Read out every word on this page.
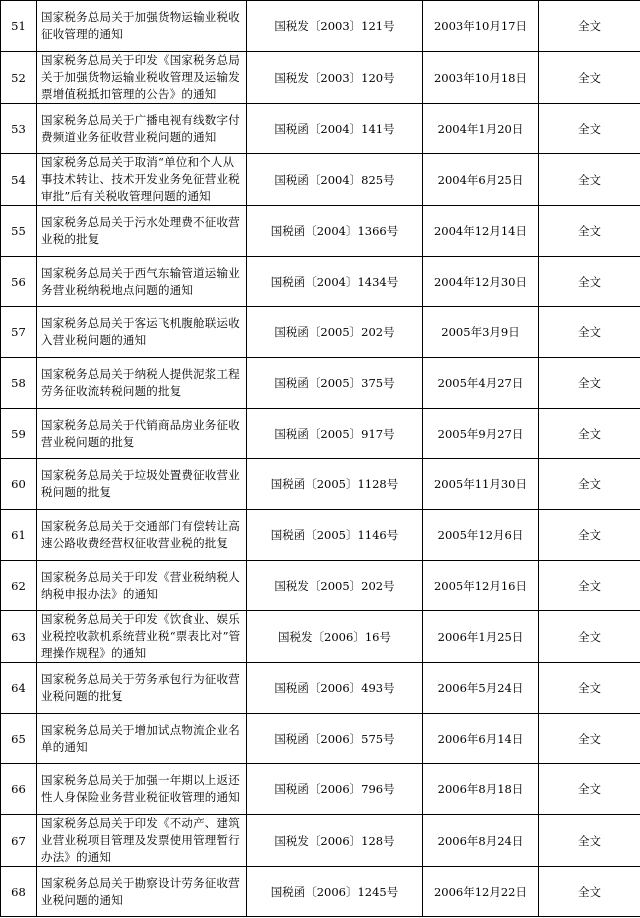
51	国家税务总局关于加强货物运输业税收征收管理的通知	国税发〔2003〕121号	2003年10月17日	全文
52	国家税务总局关于印发《国家税务总局关于加强货物运输业税收管理及运输发票增值税抵扣管理的公告》的通知	国税发〔2003〕120号	2003年10月18日	全文
53	国家税务总局关于广播电视有线数字付费频道业务征收营业税问题的通知	国税函〔2004〕141号	2004年1月20日	全文
54	国家税务总局关于取消“单位和个人从事技术转让、技术开发业务免征营业税审批”后有关税收管理问题的通知	国税函〔2004〕825号	2004年6月25日	全文
55	国家税务总局关于污水处理费不征收营业税的批复	国税函〔2004〕1366号	2004年12月14日	全文
56	国家税务总局关于西气东输管道运输业务营业税纳税地点问题的通知	国税函〔2004〕1434号	2004年12月30日	全文
57	国家税务总局关于客运飞机腹舱联运收入营业税问题的通知	国税函〔2005〕202号	2005年3月9日	全文
58	国家税务总局关于纳税人提供泥浆工程劳务征收流转税问题的批复	国税函〔2005〕375号	2005年4月27日	全文
59	国家税务总局关于代销商品房业务征收营业税问题的批复	国税函〔2005〕917号	2005年9月27日	全文
60	国家税务总局关于垃圾处置费征收营业税问题的批复	国税函〔2005〕1128号	2005年11月30日	全文
61	国家税务总局关于交通部门有偿转让高速公路收费经营权征收营业税的批复	国税函〔2005〕1146号	2005年12月6日	全文
62	国家税务总局关于印发《营业税纳税人纳税申报办法》的通知	国税发〔2005〕202号	2005年12月16日	全文
63	国家税务总局关于印发《饮食业、娱乐业税控收款机系统营业税“票表比对”管理操作规程》的通知	国税发〔2006〕16号	2006年1月25日	全文
64	国家税务总局关于劳务承包行为征收营业税问题的批复	国税函〔2006〕493号	2006年5月24日	全文
65	国家税务总局关于增加试点物流企业名单的通知	国税函〔2006〕575号	2006年6月14日	全文
66	国家税务总局关于加强一年期以上返还性人身保险业务营业税征收管理的通知	国税函〔2006〕796号	2006年8月18日	全文
67	国家税务总局关于印发《不动产、建筑业营业税项目管理及发票使用管理暂行办法》的通知	国税发〔2006〕128号	2006年8月24日	全文
68	国家税务总局关于勘察设计劳务征收营业税问题的通知	国税函〔2006〕1245号	2006年12月22日	全文
